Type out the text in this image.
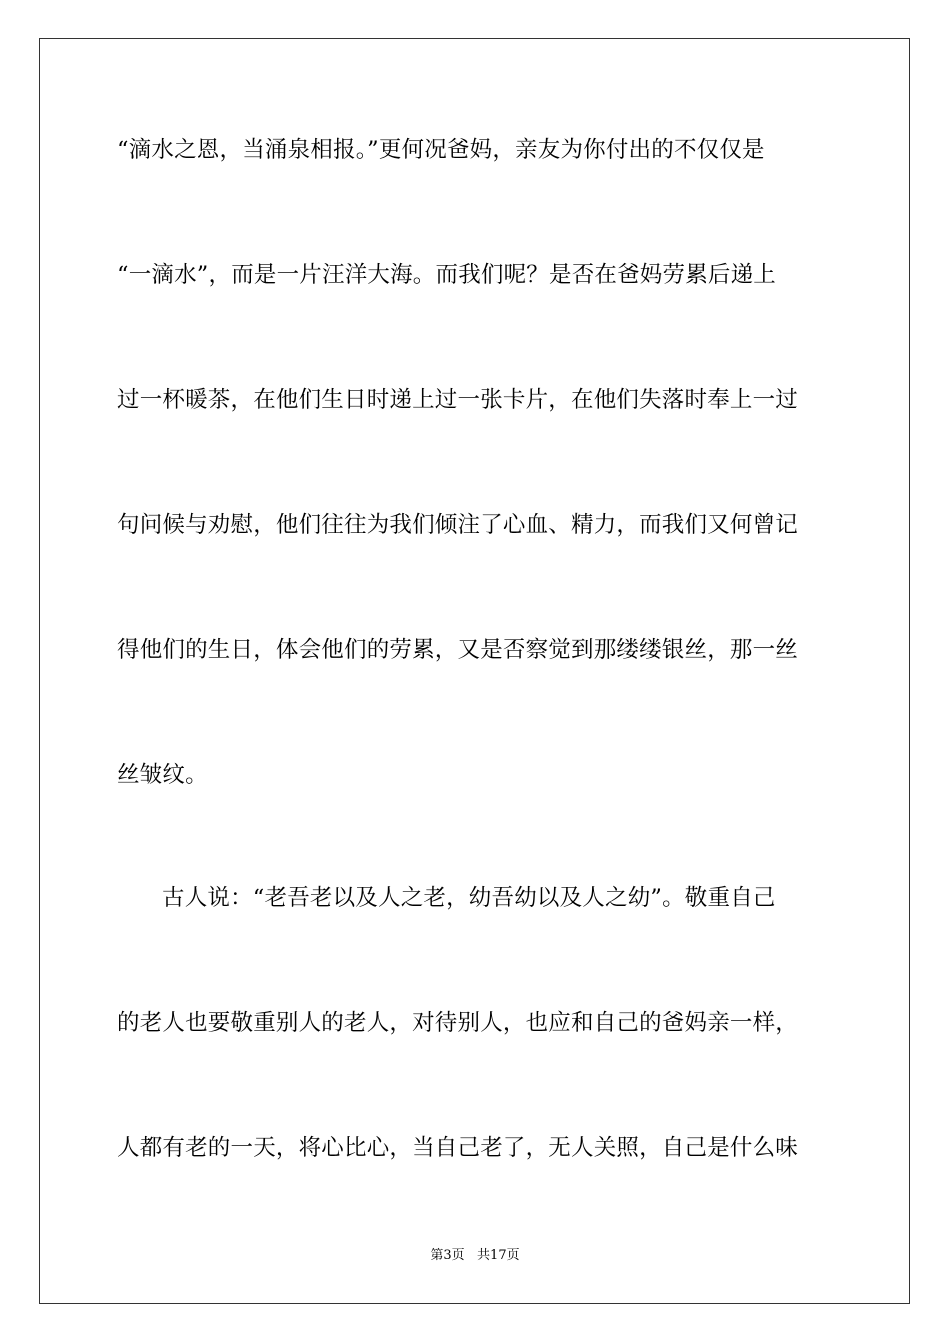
“滴水之恩，当涌泉相报。”更何况爸妈，亲友为你付出的不仅仅是
“一滴水”，而是一片汪洋大海。而我们呢？是否在爸妈劳累后递上
过一杯暖茶，在他们生日时递上过一张卡片，在他们失落时奉上一过
句问候与劝慰，他们往往为我们倾注了心血、精力，而我们又何曾记
得他们的生日，体会他们的劳累，又是否察觉到那缕缕银丝，那一丝
丝皱纹。
古人说：“老吾老以及人之老，幼吾幼以及人之幼”。敬重自己
的老人也要敬重别人的老人，对待别人，也应和自己的爸妈亲一样，
人都有老的一天，将心比心，当自己老了，无人关照，自己是什么味
第3页   共17页
